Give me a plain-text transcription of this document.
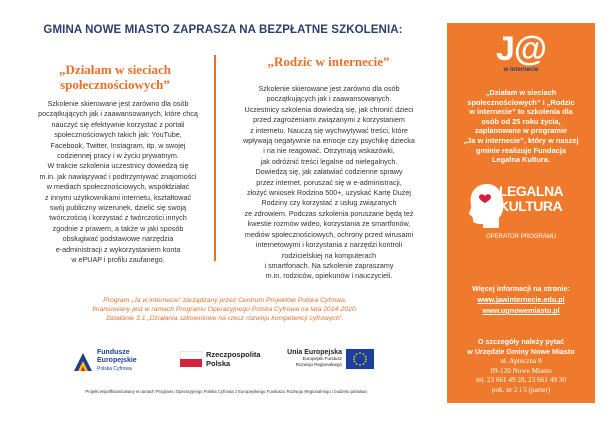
GMINA NOWE MIASTO ZAPRASZA NA BEZPŁATNE SZKOLENIA:
„Działam w sieciach
społecznościowych”
Szkolenie skierowane jest zarówno dla osób
początkujących jak i zaawansowanych, które chcą
nauczyć się efektywnie korzystać z portali
społecznościowych takich jak: YouTube,
Facebook, Twitter, Instagram, itp. w swojej
codziennej pracy i w życiu prywatnym.
W trakcie szkolenia uczestnicy dowiedzą się
m.in. jak nawiązywać i podtrzymywać znajomości
w mediach społecznościowych, współdziałać
z innymi użytkownikami internetu, kształtować
swój publiczny wizerunek, dzielić się swoją
twórczością i korzystać z twórczości innych
zgodnie z prawem, a także w jaki sposób
obsługiwać podstawowe narzędzia
e-administracji z wykorzystaniem konta
w ePUAP i profilu zaufanego.
„Rodzic w internecie”
Szkolenie skierowane jest zarówno dla osób
początkujących jak i zaawansowanych.
Uczestnicy szkolenia dowiedzą się, jak chronić dzieci
przed zagrożeniami związanymi z korzystaniem
z internetu. Nauczą się wychwytywać treści, które
wpływają negatywnie na emocje czy psychikę dziecka
i na nie reagować. Otrzymają wskazówki,
jak odróżnić treści legalne od nielegalnych.
Dowiedzą się, jak załatwiać codzienne sprawy
przez internet, poruszać się w e-administracji,
złożyć wniosek Rodzina 500+, uzyskać Kartę Dużej
Rodziny czy korzystać z usług związanych
ze zdrowiem. Podczas szkolenia poruszane będą też
kwestie rozmów wideo, korzystania ze smartfonów,
mediów społecznościowych, ochrony przed wirusami
internetowymi i korzystania z narzędzi kontroli
rodzicielskiej na komputerach
i smartfonach. Na szkolenie zapraszamy
m.in. rodziców, opiekunów i nauczycieli.
Program „Ja w internecie” zarządzany przez Centrum Projektów Polska Cyfrowa,
finansowany jest w ramach Programu Operacyjnego Polska Cyfrowa na lata 2014-2020.
Działanie 3.1 „Działania szkoleniowe na rzecz rozwoju kompetencji cyfrowych”.
Fundusze
Europejskie
Polska Cyfrowa
Rzeczpospolita
Polska
Unia Europejska
Europejski Fundusz
Rozwoju Regionalnego
Projekt współfinansowany w ramach Programu Operacyjnego Polska Cyfrowa z Europejskiego Funduszu Rozwoju Regionalnego i budżetu państwa
J@
w internecie
„Działam w sieciach
społecznościowych” i „Rodzic
w internecie” to szkolenia dla
osób od 25 roku życia,
zaplanowane w programie
„Ja w internecie”, który w naszej
gminie realizuje Fundacja
Legalna Kultura.
LEGALNA
KULTURA
OPERATOR PROGRAMU
Więcej informacji na stronie:
www.jawinternecie.edu.pl
www.ugnowemiasto.pl
O szczegóły należy pytać
w Urzędzie Gminy Nowe Miasto
ul. Apteczna 8
09-120 Nowe Miasto
tel. 23 661 49 28, 23 661 49 30
pok. nr 2 i 5 (parter)
